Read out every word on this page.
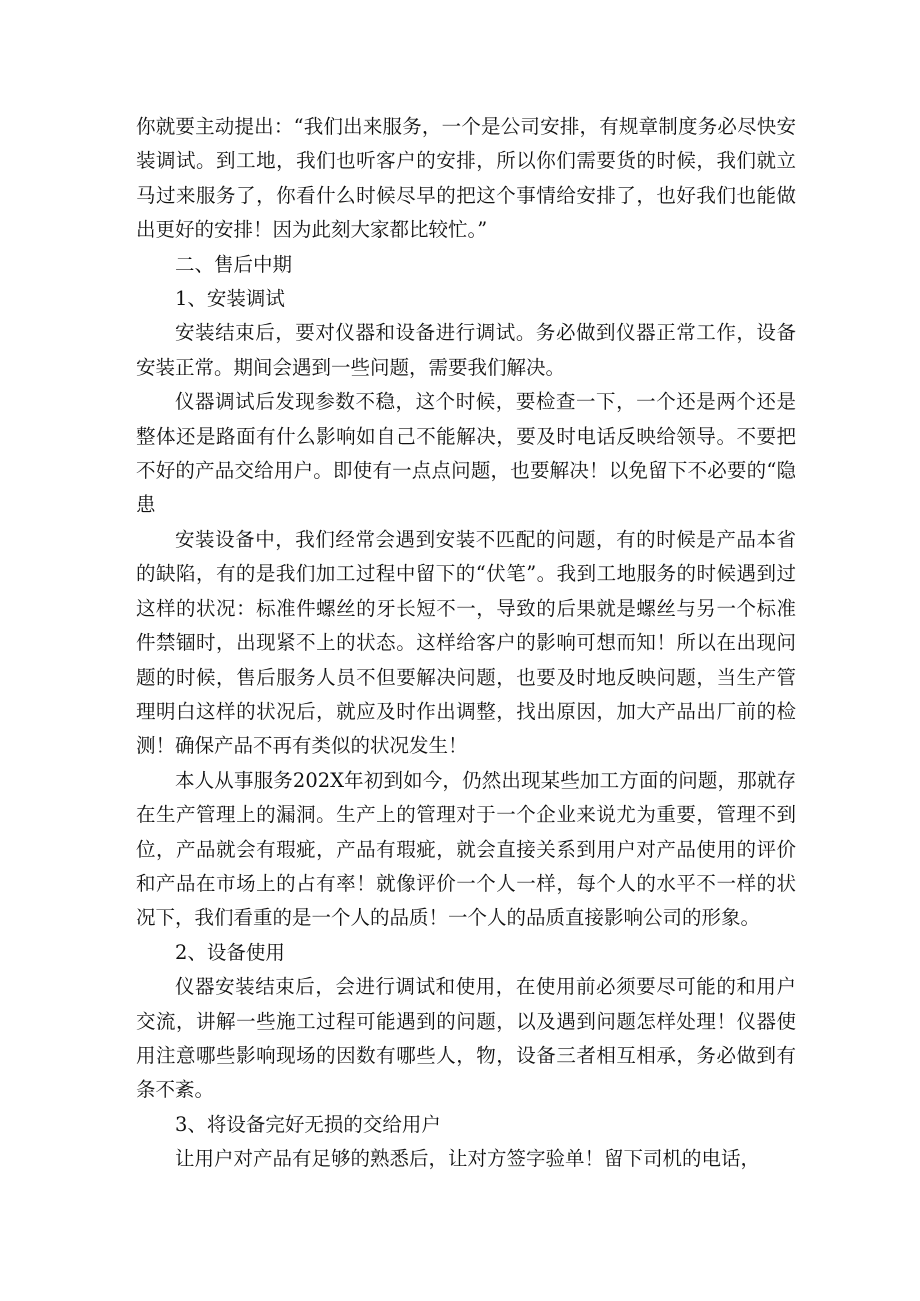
你就要主动提出：“我们出来服务，一个是公司安排，有规章制度务必尽快安装调试。到工地，我们也听客户的安排，所以你们需要货的时候，我们就立马过来服务了，你看什么时候尽早的把这个事情给安排了，也好我们也能做出更好的安排！因为此刻大家都比较忙。”

二、售后中期

1、安装调试

安装结束后，要对仪器和设备进行调试。务必做到仪器正常工作，设备安装正常。期间会遇到一些问题，需要我们解决。

仪器调试后发现参数不稳，这个时候，要检查一下，一个还是两个还是整体还是路面有什么影响如自己不能解决，要及时电话反映给领导。不要把不好的产品交给用户。即使有一点点问题，也要解决！以免留下不必要的“隐患

安装设备中，我们经常会遇到安装不匹配的问题，有的时候是产品本省的缺陷，有的是我们加工过程中留下的“伏笔”。我到工地服务的时候遇到过这样的状况：标准件螺丝的牙长短不一，导致的后果就是螺丝与另一个标准件禁锢时，出现紧不上的状态。这样给客户的影响可想而知！所以在出现问题的时候，售后服务人员不但要解决问题，也要及时地反映问题，当生产管理明白这样的状况后，就应及时作出调整，找出原因，加大产品出厂前的检测！确保产品不再有类似的状况发生！

本人从事服务202X年初到如今，仍然出现某些加工方面的问题，那就存在生产管理上的漏洞。生产上的管理对于一个企业来说尤为重要，管理不到位，产品就会有瑕疵，产品有瑕疵，就会直接关系到用户对产品使用的评价和产品在市场上的占有率！就像评价一个人一样，每个人的水平不一样的状况下，我们看重的是一个人的品质！一个人的品质直接影响公司的形象。

2、设备使用

仪器安装结束后，会进行调试和使用，在使用前必须要尽可能的和用户交流，讲解一些施工过程可能遇到的问题，以及遇到问题怎样处理！仪器使用注意哪些影响现场的因数有哪些人，物，设备三者相互相承，务必做到有条不紊。

3、将设备完好无损的交给用户

让用户对产品有足够的熟悉后，让对方签字验单！留下司机的电话，
